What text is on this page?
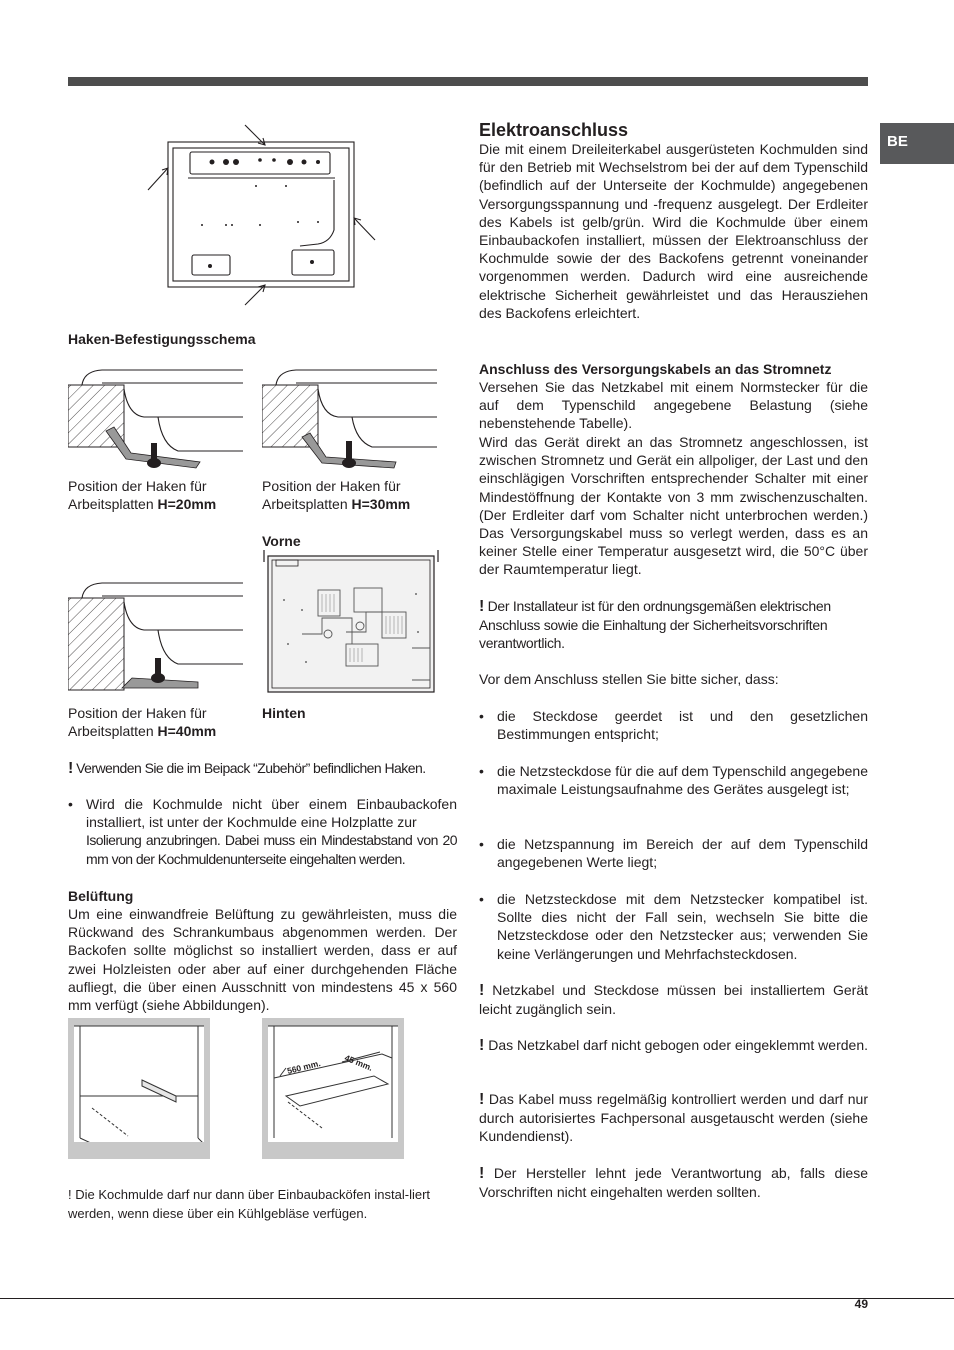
BE
49

Haken-Befestigungsschema

Position der Haken für Arbeitsplatten H=20mm

Position der Haken für Arbeitsplatten H=30mm

Vorne

Position der Haken für Arbeitsplatten H=40mm

Hinten

! Verwenden Sie die im Beipack “Zubehör” befindlichen Haken.

• Wird die Kochmulde nicht über einem Einbaubackofen installiert, ist unter der Kochmulde eine Holzplatte zur
Isolierung anzubringen. Dabei muss ein Mindestabstand von 20 mm von der Kochmuldenunterseite eingehalten werden.

Belüftung

Um eine einwandfreie Belüftung zu gewährleisten, muss die Rückwand des Schrankumbaus abgenommen werden. Der Backofen sollte möglichst so installiert werden, dass er auf zwei Holzleisten oder aber auf einer durchgehenden Fläche aufliegt, die über einen Ausschnitt von mindestens 45 x 560 mm verfügt (siehe Abbildungen).

560 mm.	45 mm.

! Die Kochmulde darf nur dann über Einbaubacköfen instal-liert werden, wenn diese über ein Kühlgebläse verfügen.

Elektroanschluss

Die mit einem Dreileiterkabel ausgerüsteten Kochmulden sind für den Betrieb mit Wechselstrom bei der auf dem Typenschild (befindlich auf der Unterseite der Kochmulde) angegebenen Versorgungsspannung und -frequenz ausgelegt. Der Erdleiter des Kabels ist gelb/grün. Wird die Kochmulde über einem Einbaubackofen installiert, müssen der Elektroanschluss der Kochmulde sowie der des Backofens getrennt voneinander vorgenommen werden. Dadurch wird eine ausreichende elektrische Sicherheit gewährleistet und das Herausziehen des Backofens erleichtert.

Anschluss des Versorgungskabels an das Stromnetz

Versehen Sie das Netzkabel mit einem Normstecker für die auf dem Typenschild angegebene Belastung (siehe nebenstehende Tabelle).

Wird das Gerät direkt an das Stromnetz angeschlossen, ist zwischen Stromnetz und Gerät ein allpoliger, der Last und den einschlägigen Vorschriften entsprechender Schalter mit einer Mindestöffnung der Kontakte von 3 mm zwischenzuschalten. (Der Erdleiter darf vom Schalter nicht unterbrochen werden.) Das Versorgungskabel muss so verlegt werden, dass es an keiner Stelle einer Temperatur ausgesetzt wird, die 50°C über der Raumtemperatur liegt.

! Der Installateur ist für den ordnungsgemäßen elektrischen Anschluss sowie die Einhaltung der Sicherheitsvorschriften verantwortlich.

Vor dem Anschluss stellen Sie bitte sicher, dass:

• die Steckdose geerdet ist und den gesetzlichen Bestimmungen entspricht;
• die Netzsteckdose für die auf dem Typenschild angegebene maximale Leistungsaufnahme des Gerätes ausgelegt ist;
• die Netzspannung im Bereich der auf dem Typenschild angegebenen Werte liegt;
• die Netzsteckdose mit dem Netzstecker kompatibel ist. Sollte dies nicht der Fall sein, wechseln Sie bitte die Netzsteckdose oder den Netzstecker aus; verwenden Sie keine Verlängerungen und Mehrfachsteckdosen.

! Netzkabel und Steckdose müssen bei installiertem Gerät leicht zugänglich sein.

! Das Netzkabel darf nicht gebogen oder eingeklemmt werden.

! Das Kabel muss regelmäßig kontrolliert werden und darf nur durch autorisiertes Fachpersonal ausgetauscht werden (siehe Kundendienst).

! Der Hersteller lehnt jede Verantwortung ab, falls diese Vorschriften nicht eingehalten werden sollten.
